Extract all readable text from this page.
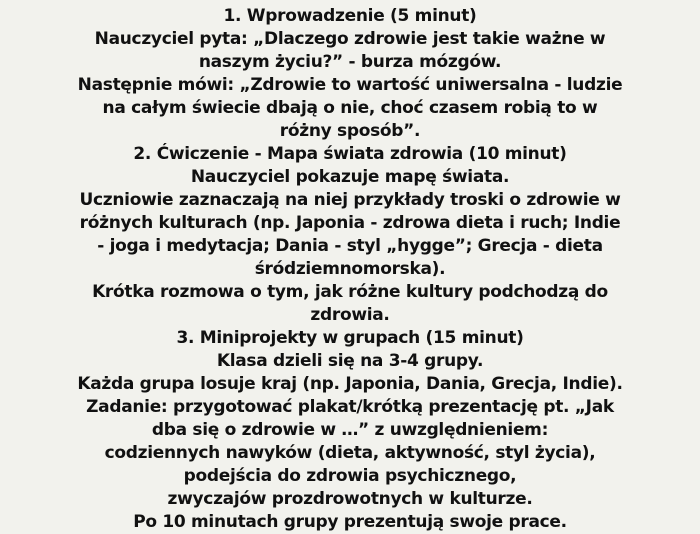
1. Wprowadzenie (5 minut)
Nauczyciel pyta: „Dlaczego zdrowie jest takie ważne w
naszym życiu?” - burza mózgów.
Następnie mówi: „Zdrowie to wartość uniwersalna - ludzie
na całym świecie dbają o nie, choć czasem robią to w
różny sposób”.
2. Ćwiczenie - Mapa świata zdrowia (10 minut)
Nauczyciel pokazuje mapę świata.
Uczniowie zaznaczają na niej przykłady troski o zdrowie w
różnych kulturach (np. Japonia - zdrowa dieta i ruch; Indie
- joga i medytacja; Dania - styl „hygge”; Grecja - dieta
śródziemnomorska).
Krótka rozmowa o tym, jak różne kultury podchodzą do
zdrowia.
3. Miniprojekty w grupach (15 minut)
Klasa dzieli się na 3-4 grupy.
Każda grupa losuje kraj (np. Japonia, Dania, Grecja, Indie).
Zadanie: przygotować plakat/krótką prezentację pt. „Jak
dba się o zdrowie w …” z uwzględnieniem:
codziennych nawyków (dieta, aktywność, styl życia),
podejścia do zdrowia psychicznego,
zwyczajów prozdrowotnych w kulturze.
Po 10 minutach grupy prezentują swoje prace.
